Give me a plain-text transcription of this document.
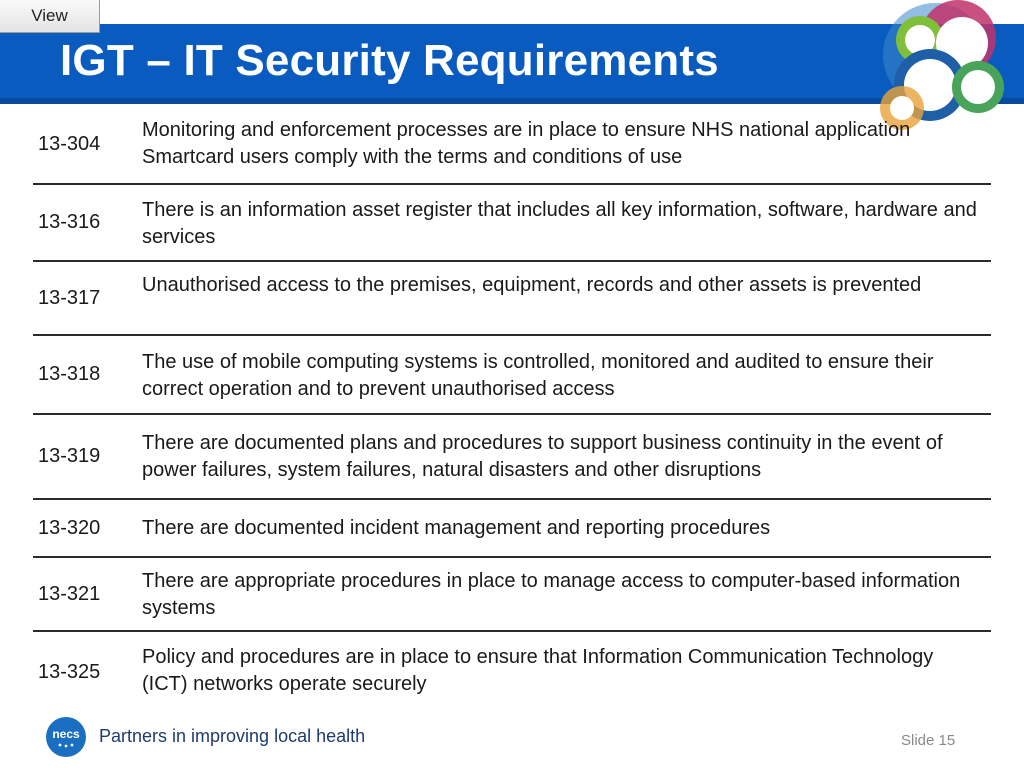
View
IGT – IT Security Requirements
13-304
Monitoring and enforcement processes are in place to ensure NHS national application Smartcard users comply with the terms and conditions of use
13-316
There is an information asset register that includes all key information, software, hardware and services
13-317
Unauthorised access to the premises, equipment, records and other assets is prevented
13-318
The use of mobile computing systems is controlled, monitored and audited to ensure their correct operation and to prevent unauthorised access
13-319
There are documented plans and procedures to support business continuity in the event of power failures, system failures, natural disasters and other disruptions
13-320 There are documented incident management and reporting procedures
13-321
There are appropriate procedures in place to manage access to computer-based information systems
13-325
Policy and procedures are in place to ensure that Information Communication Technology (ICT) networks operate securely
necs Partners in improving local health	Slide 15
